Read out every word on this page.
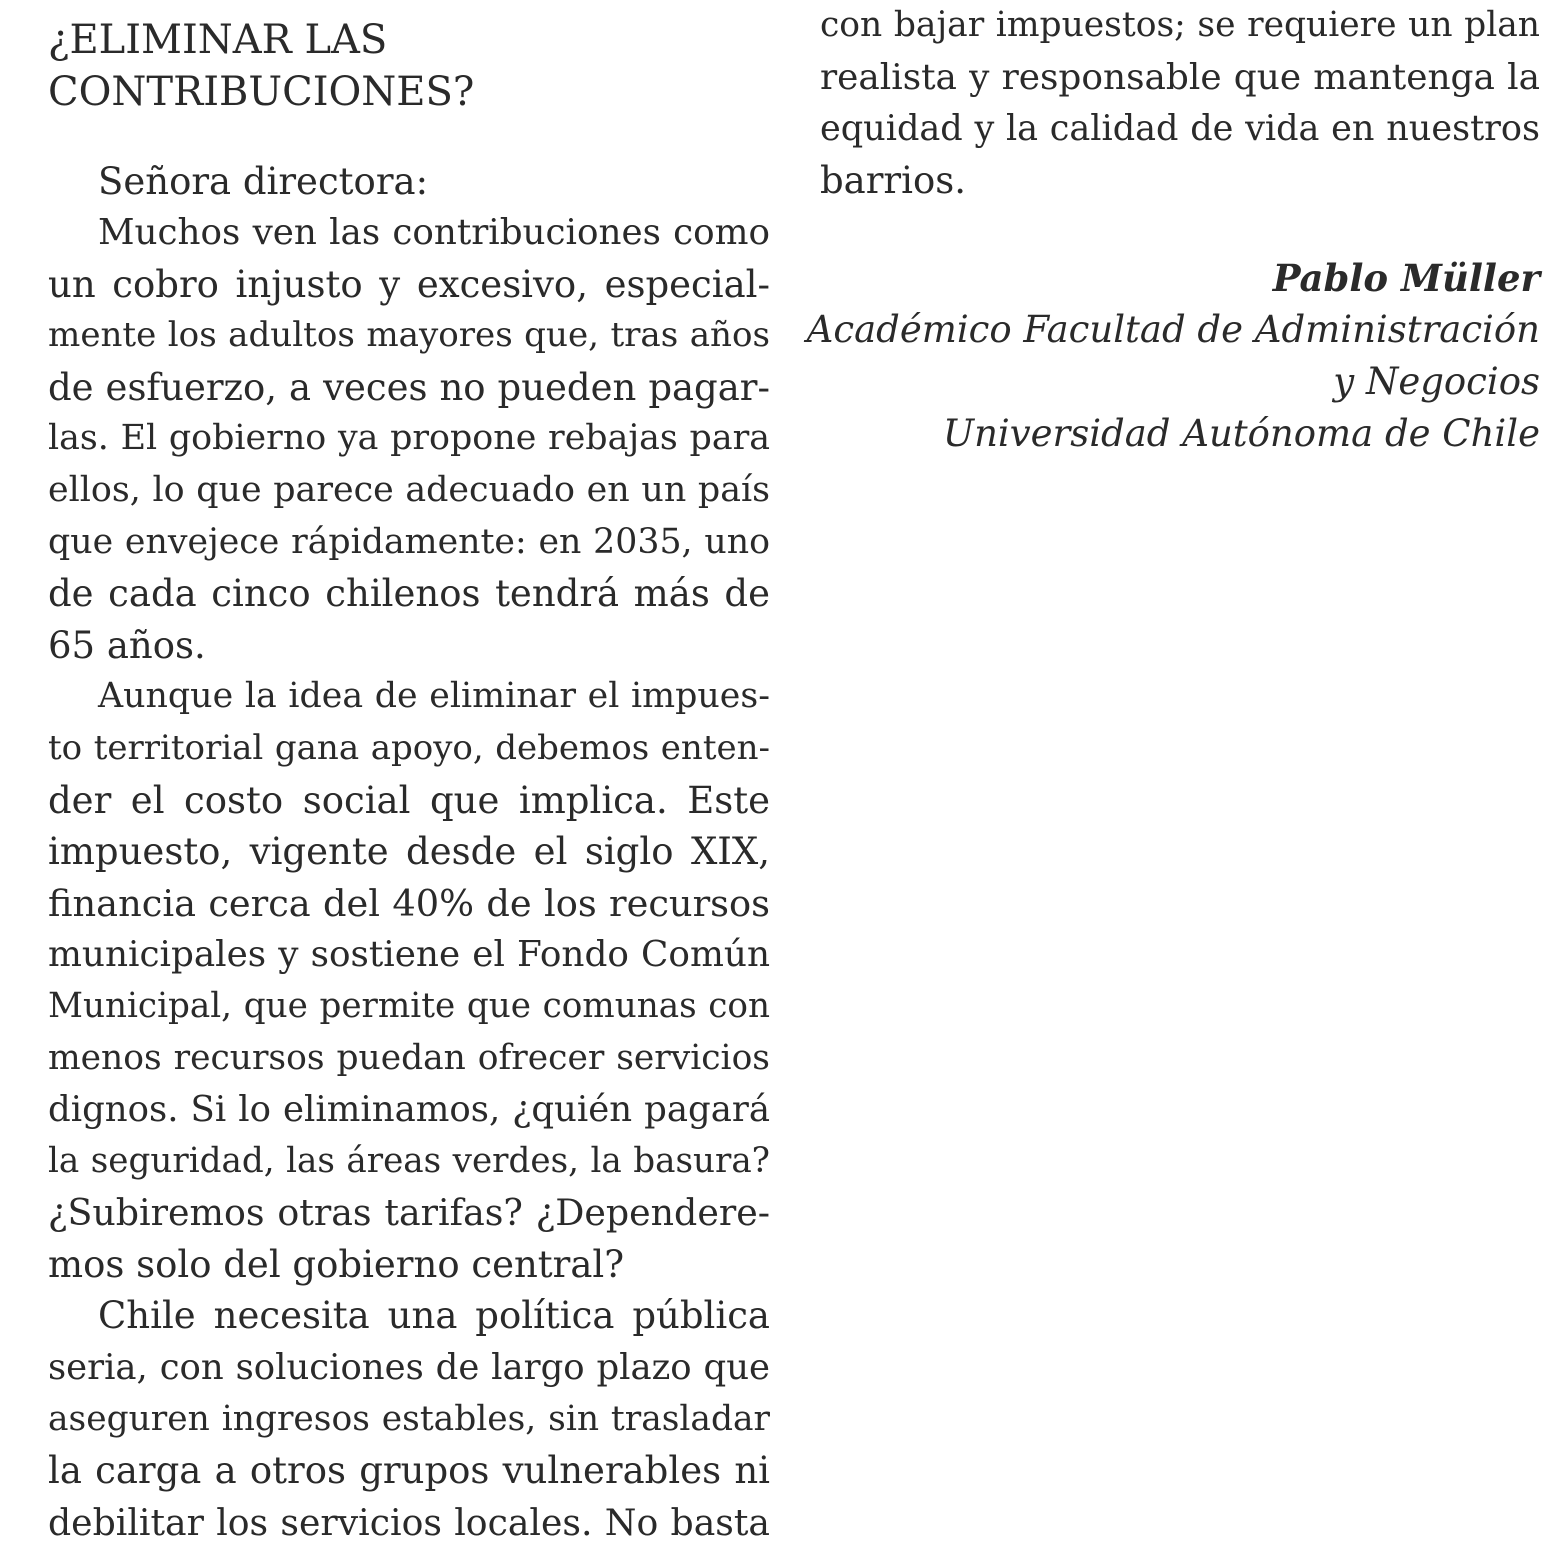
¿ELIMINAR LAS
CONTRIBUCIONES?
Señora directora:
Muchos ven las contribuciones como
un cobro injusto y excesivo, especial-
mente los adultos mayores que, tras años
de esfuerzo, a veces no pueden pagar-
las. El gobierno ya propone rebajas para
ellos, lo que parece adecuado en un país
que envejece rápidamente: en 2035, uno
de cada cinco chilenos tendrá más de
65 años.
Aunque la idea de eliminar el impues-
to territorial gana apoyo, debemos enten-
der el costo social que implica. Este
impuesto, vigente desde el siglo XIX,
financia cerca del 40% de los recursos
municipales y sostiene el Fondo Común
Municipal, que permite que comunas con
menos recursos puedan ofrecer servicios
dignos. Si lo eliminamos, ¿quién pagará
la seguridad, las áreas verdes, la basura?
¿Subiremos otras tarifas? ¿Dependere-
mos solo del gobierno central?
Chile necesita una política pública
seria, con soluciones de largo plazo que
aseguren ingresos estables, sin trasladar
la carga a otros grupos vulnerables ni
debilitar los servicios locales. No basta
con bajar impuestos; se requiere un plan
realista y responsable que mantenga la
equidad y la calidad de vida en nuestros
barrios.
Pablo Müller
Académico Facultad de Administración
y Negocios
Universidad Autónoma de Chile
